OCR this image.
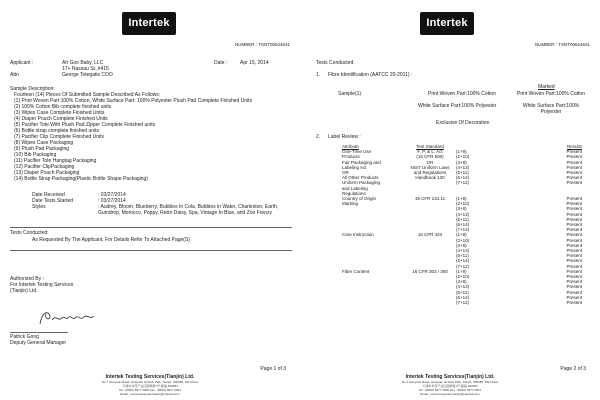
Intertek
NUMBER : TSNT00624631
Applicant :	Ah Goo Baby, LLC
17+ Nassau St.,#415
Attn	George Totegatis COO
Date :	Apr 15, 2014
Sample Description:
Fourteen (14) Pieces Of Submitted Sample Described As Follows:
(1) Print Woven Part:100% Cotton, White Surface Part: 100% Polyester Plush Pad Complete Finished Units
(2) 100% Cotton Bib complete finished units
(3) Wipes Case Complete Finished Units
(4) Diaper Pouch Complete Finished Units
(5) Pacifier Tote With Plush Pad Zipper Complete Finished units
(6) Bottle strap complete finished units
(7) Pacifier Clip Complete Finished Units
(8) Wipes Case Packaging
(9) Plush Pad Packaging
(10) Bib Packaging
(11) Pacifier Tote Hangtag Packaging
(12) Pacifier ClipPackaging
(13) Diaper Pouch Packaging
(14) Bottle Strap Packaging(Plastic Bottle Shape Packaging)
Date Received	: 03/27/2014
Date Tests Started	: 03/27/2014
Styles	: Audrey, Bloom, Blueberry, Bubbles In Cola, Bubbles in Water, Charleston, Earth, Gumdrop, Morocco, Poppy, Retro Daisy, Spa, Vintage In Blue, and Zoo Frenzy
Tests Conducted:
As Requested By The Applicant, For Details Refer To Attached Page(S)
Authorized By :
For Intertek Testing Services
(Tianjin) Ltd.
Patrick Gong
Deputy General Manager
Page 1 of 3
Intertek Testing Services(Tianjin) Ltd.
No.7 Guoyuan Road, Huayuan Hi-Tech Park, Tianjin, 300384, P.R.China
天津市华苑产业区国源道7号 邮编 300384
Tel : (8622) 5977 2000 Fax : (8622) 5977 2001
Email : consumergoods.tianjin@intertek.com
Intertek
NUMBER : TSNT00624631
Tests Conducted:
1. Fibre Identification (AATCC 20-2011) :
Marked
Sample(1)	Print Woven Part:100% Cotton	Print Woven Part:100% Cotton
White Surface Part:100% Polyester	White Surface Part:100% Polyester
Exclusive Of Decoration
2. Label Review :
Attribute	Test Standard		Results
One-Time Use	F. P. & L. Act	(1+9)	Present
Products	(16 CFR 500)	(2+10)	Present
Fair Packaging and	OR	(3+8)	Present
Labeling Act	NIST Uniform Laws	(4+13)	Present
OR	and Regulations	(5+11)	Present
All Other Products	Handbook 130	(6+14)	Present
Uniform Packaging		(7+12)	Present
and Labeling			
Regulations			
Country of Origin	19 CFR 134.11	(1+9)	Present
Marking		(2+10)	Present
		(3+8)	Present
		(4+13)	Present
		(5+11)	Present
		(6+14)	Present
		(7+12)	Present
Care Instruction	16 CFR 423	(1+9)	Present
		(2+10)	Present
		(3+8)	Present
		(4+13)	Present
		(5+11)	Present
		(6+14)	Present
		(7+12)	Present
Fiber Content	16 CFR 303 / 300	(1+9)	Present
		(2+10)	Present
		(3+8)	Present
		(4+13)	Present
		(5+11)	Present
		(6+14)	Present
		(7+12)	Present
Page 2 of 3
Intertek Testing Services(Tianjin) Ltd.
No.7 Guoyuan Road, Huayuan Hi-Tech Park, Tianjin, 300384, P.R.China
天津市华苑产业区国源道7号 邮编 300384
Tel : (8622) 5977 2000 Fax : (8622) 5977 2001
Email : consumergoods.tianjin@intertek.com
